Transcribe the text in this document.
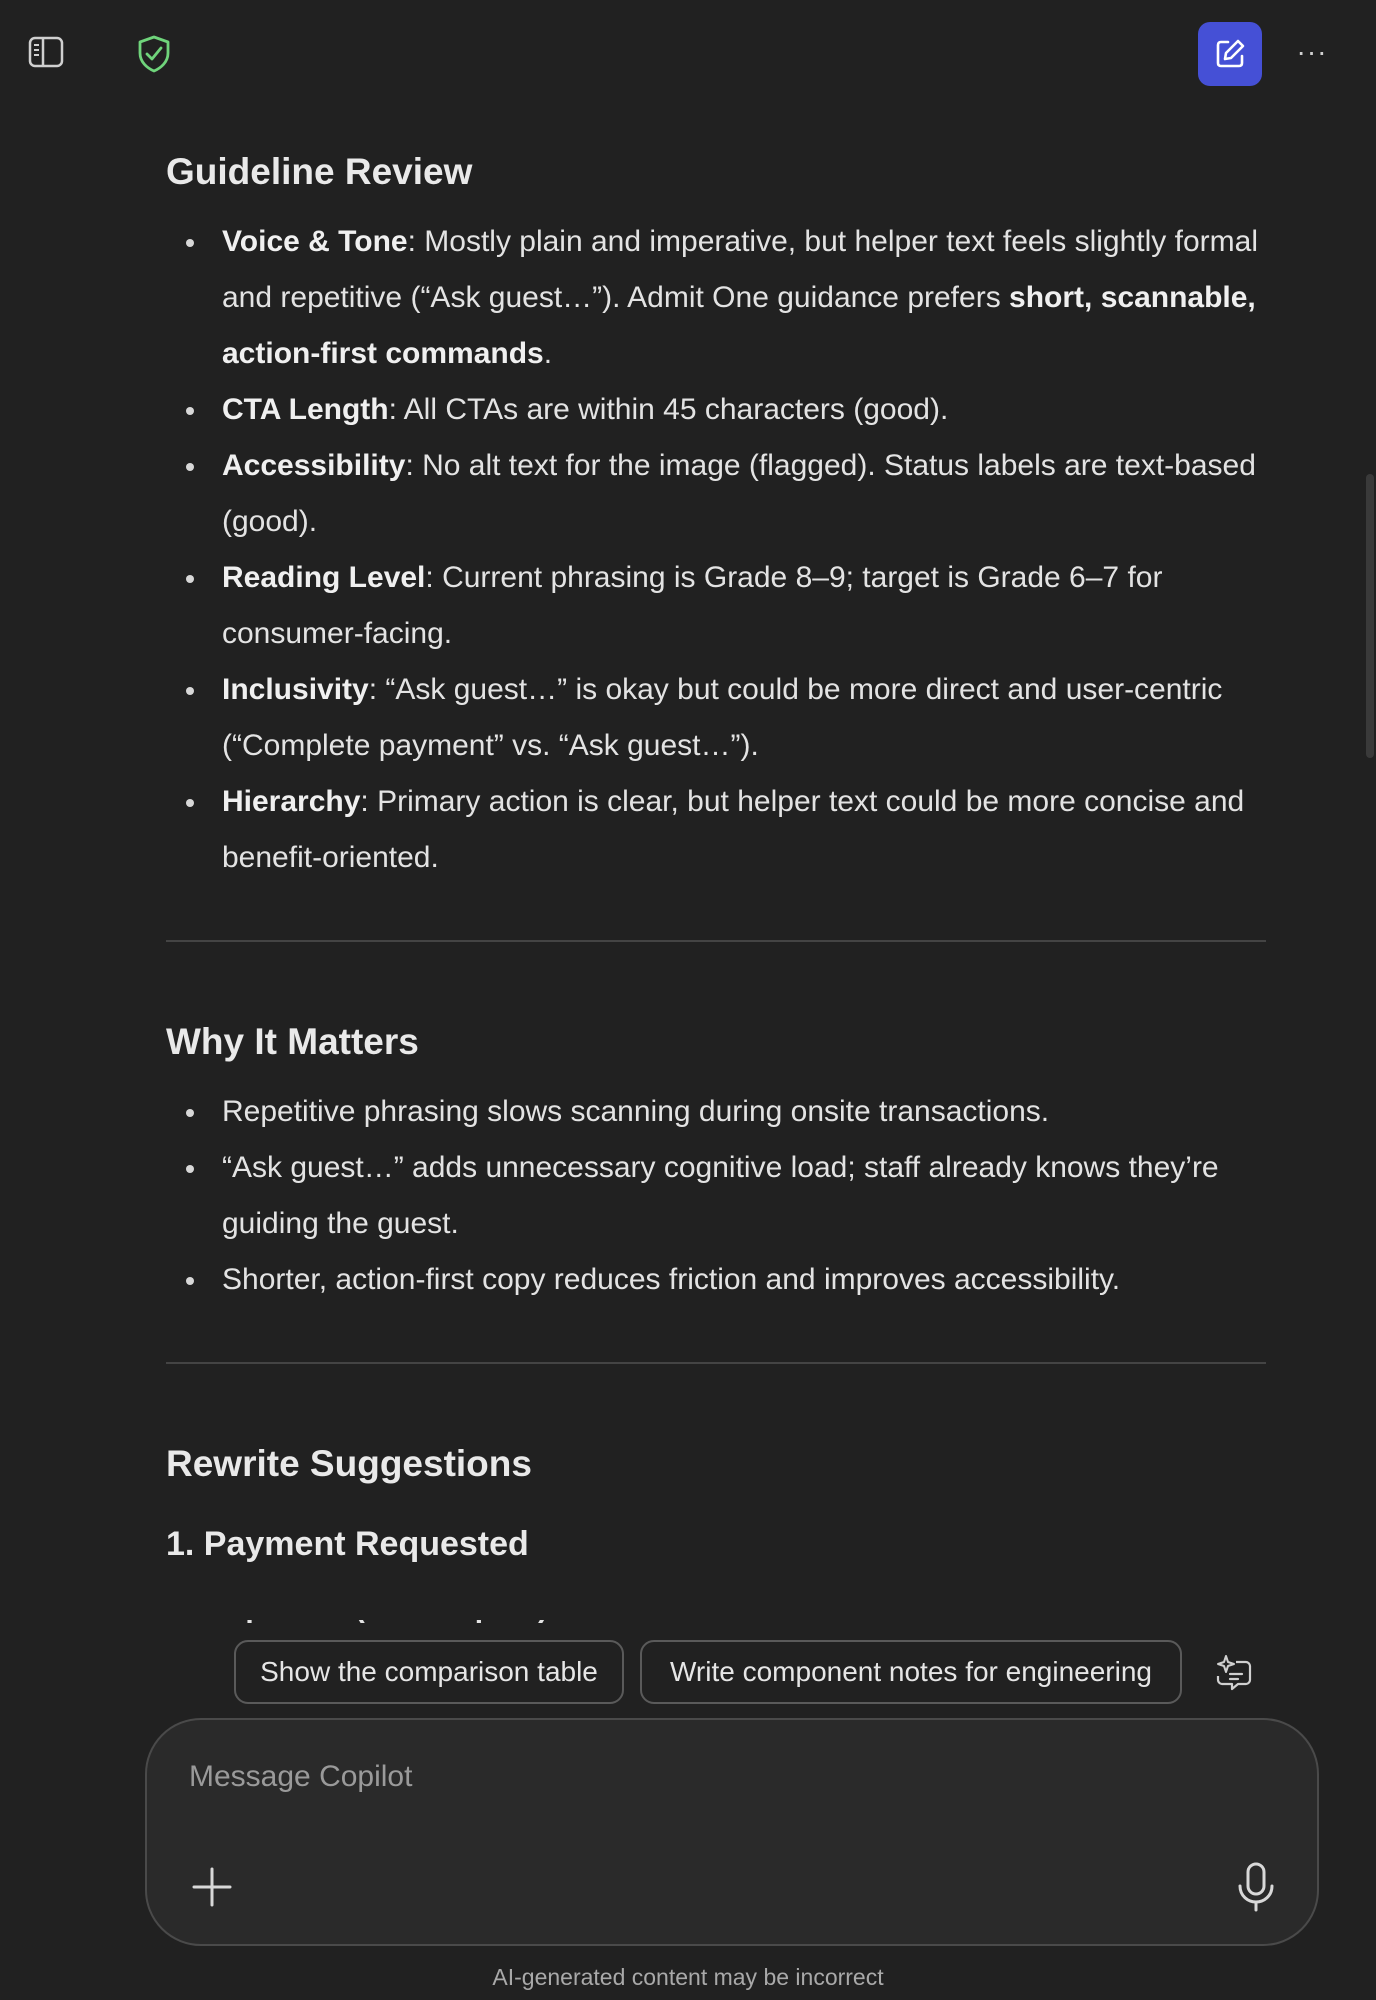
···
Guideline Review
Voice & Tone: Mostly plain and imperative, but helper text feels slightly formal and repetitive (“Ask guest…”). Admit One guidance prefers short, scannable, action-first commands.
CTA Length: All CTAs are within 45 characters (good).
Accessibility: No alt text for the image (flagged). Status labels are text-based (good).
Reading Level: Current phrasing is Grade 8–9; target is Grade 6–7 for consumer-facing.
Inclusivity: “Ask guest…” is okay but could be more direct and user-centric (“Complete payment” vs. “Ask guest…”).
Hierarchy: Primary action is clear, but helper text could be more concise and benefit-oriented.
Why It Matters
Repetitive phrasing slows scanning during onsite transactions.
“Ask guest…” adds unnecessary cognitive load; staff already knows they’re guiding the guest.
Shorter, action-first copy reduces friction and improves accessibility.
Rewrite Suggestions
1. Payment Requested
Show the comparison table	Write component notes for engineering
Message Copilot
AI-generated content may be incorrect
